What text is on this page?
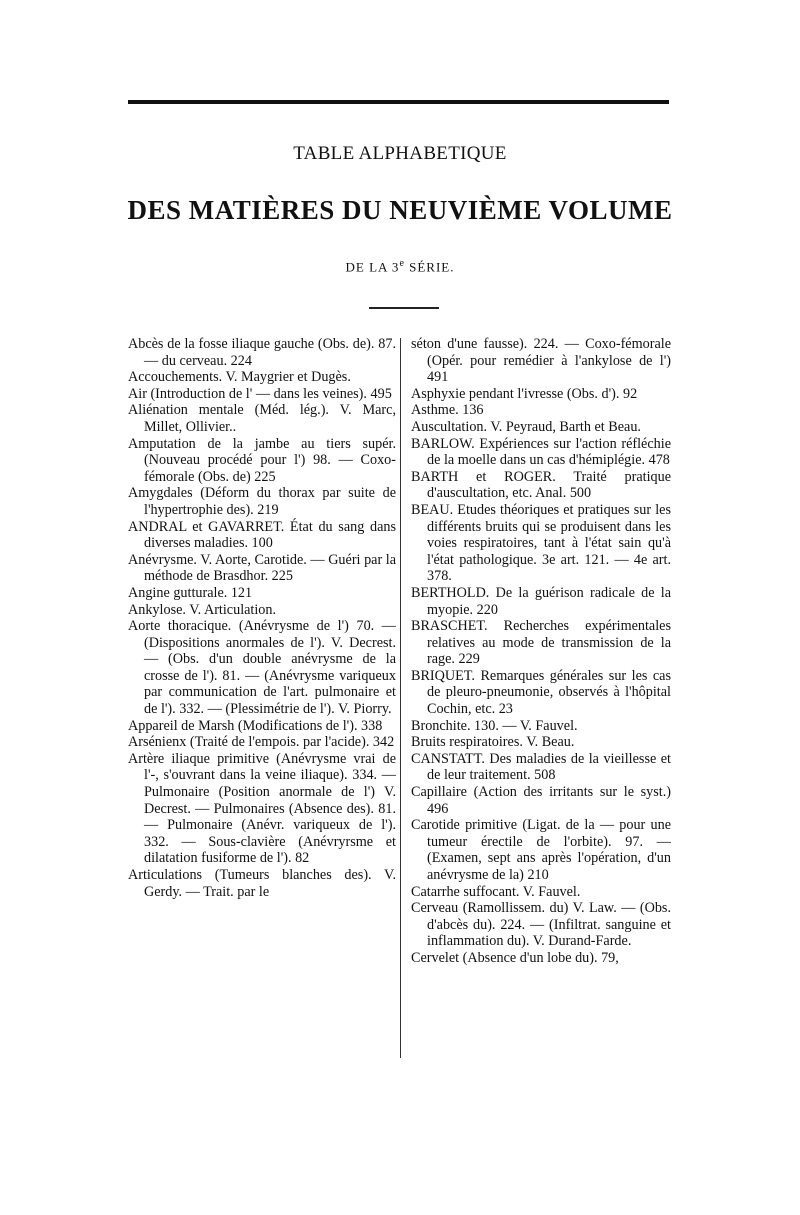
TABLE ALPHABETIQUE
DES MATIÈRES DU NEUVIÈME VOLUME
DE LA 3e SÉRIE.

Abcès de la fosse iliaque gauche (Obs. de). 87. — du cerveau. 224

Accouchements. V. Maygrier et Dugès.

Air (Introduction de l' — dans les veines). 495

Aliénation mentale (Méd. lég.). V. Marc, Millet, Ollivier..

Amputation de la jambe au tiers supér. (Nouveau procédé pour l') 98. — Coxo-fémorale (Obs. de) 225

Amygdales (Déform du thorax par suite de l'hypertrophie des). 219

ANDRAL et GAVARRET. État du sang dans diverses maladies. 100

Anévrysme. V. Aorte, Carotide. — Guéri par la méthode de Brasdhor. 225

Angine gutturale. 121

Ankylose. V. Articulation.

Aorte thoracique. (Anévrysme de l') 70. — (Dispositions anormales de l'). V. Decrest. — (Obs. d'un double anévrysme de la crosse de l'). 81. — (Anévrysme variqueux par communication de l'art. pulmonaire et de l'). 332. — (Plessimétrie de l'). V. Piorry.

Appareil de Marsh (Modifications de l'). 338

Arsénienx (Traité de l'empois. par l'acide). 342

Artère iliaque primitive (Anévrysme vrai de l'-, s'ouvrant dans la veine iliaque). 334. — Pulmonaire (Position anormale de l') V. Decrest. — Pulmonaires (Absence des). 81. — Pulmonaire (Anévr. variqueux de l'). 332. — Sous-clavière (Anévryrsme et dilatation fusiforme de l'). 82

Articulations (Tumeurs blanches des). V. Gerdy. — Trait. par le

séton d'une fausse). 224. — Coxo-fémorale (Opér. pour remédier à l'ankylose de l') 491

Asphyxie pendant l'ivresse (Obs. d'). 92

Asthme. 136

Auscultation. V. Peyraud, Barth et Beau.

BARLOW. Expériences sur l'action réfléchie de la moelle dans un cas d'hémiplégie. 478

BARTH et ROGER. Traité pratique d'auscultation, etc. Anal. 500

BEAU. Etudes théoriques et pratiques sur les différents bruits qui se produisent dans les voies respiratoires, tant à l'état sain qu'à l'état pathologique. 3e art. 121. — 4e art. 378.

BERTHOLD. De la guérison radicale de la myopie. 220

BRASCHET. Recherches expérimentales relatives au mode de transmission de la rage. 229

BRIQUET. Remarques générales sur les cas de pleuro-pneumonie, observés à l'hôpital Cochin, etc. 23

Bronchite. 130. — V. Fauvel.

Bruits respiratoires. V. Beau.

CANSTATT. Des maladies de la vieillesse et de leur traitement. 508

Capillaire (Action des irritants sur le syst.) 496

Carotide primitive (Ligat. de la — pour une tumeur érectile de l'orbite). 97. — (Examen, sept ans après l'opération, d'un anévrysme de la) 210

Catarrhe suffocant. V. Fauvel.

Cerveau (Ramollissem. du) V. Law. — (Obs. d'abcès du). 224. — (Infiltrat. sanguine et inflammation du). V. Durand-Farde.

Cervelet (Absence d'un lobe du). 79,
